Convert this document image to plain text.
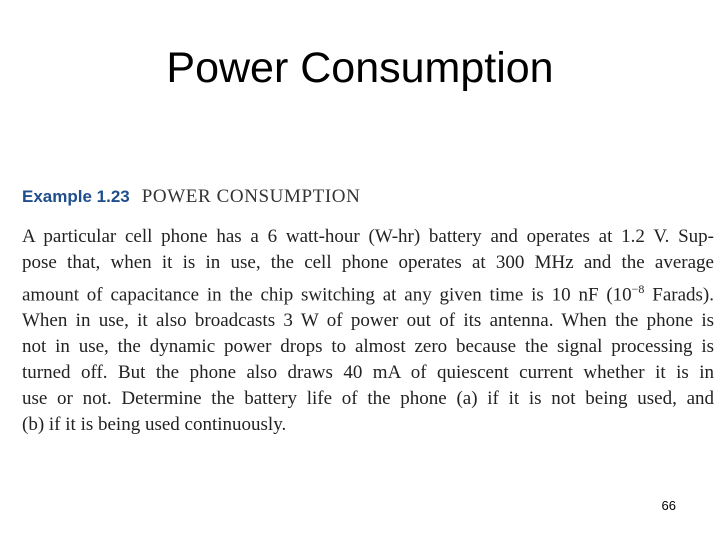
Power Consumption
Example 1.23 POWER CONSUMPTION
A particular cell phone has a 6 watt-hour (W-hr) battery and operates at 1.2 V. Sup-
pose that, when it is in use, the cell phone operates at 300 MHz and the average
amount of capacitance in the chip switching at any given time is 10 nF ($10^{-8}$ Farads).
When in use, it also broadcasts 3 W of power out of its antenna. When the phone is
not in use, the dynamic power drops to almost zero because the signal processing is
turned off. But the phone also draws 40 mA of quiescent current whether it is in
use or not. Determine the battery life of the phone (a) if it is not being used, and
(b) if it is being used continuously.
66
